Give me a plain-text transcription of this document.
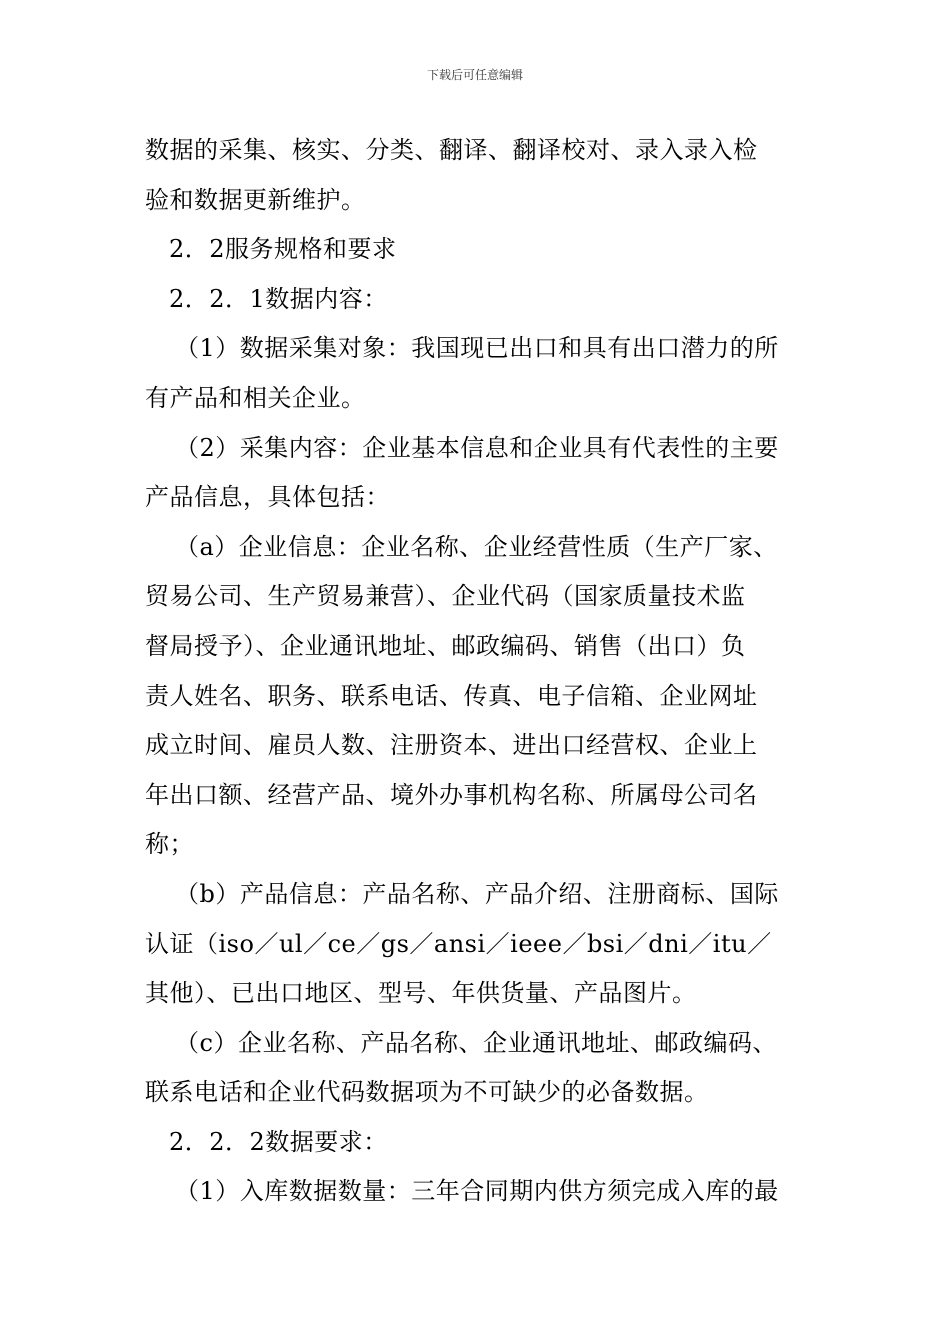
下载后可任意编辑
数据的采集、核实、分类、翻译、翻译校对、录入录入检
验和数据更新维护。
2．2服务规格和要求
2．2．1数据内容：
（1）数据采集对象：我国现已出口和具有出口潜力的所
有产品和相关企业。
（2）采集内容：企业基本信息和企业具有代表性的主要
产品信息，具体包括：
（a）企业信息：企业名称、企业经营性质（生产厂家、
贸易公司、生产贸易兼营）、企业代码（国家质量技术监
督局授予）、企业通讯地址、邮政编码、销售（出口）负
责人姓名、职务、联系电话、传真、电子信箱、企业网址
成立时间、雇员人数、注册资本、进出口经营权、企业上
年出口额、经营产品、境外办事机构名称、所属母公司名
称；
（b）产品信息：产品名称、产品介绍、注册商标、国际
认证（iso／ul／ce／gs／ansi／ieee／bsi／dni／itu／
其他）、已出口地区、型号、年供货量、产品图片。
（c）企业名称、产品名称、企业通讯地址、邮政编码、
联系电话和企业代码数据项为不可缺少的必备数据。
2．2．2数据要求：
（1）入库数据数量：三年合同期内供方须完成入库的最
